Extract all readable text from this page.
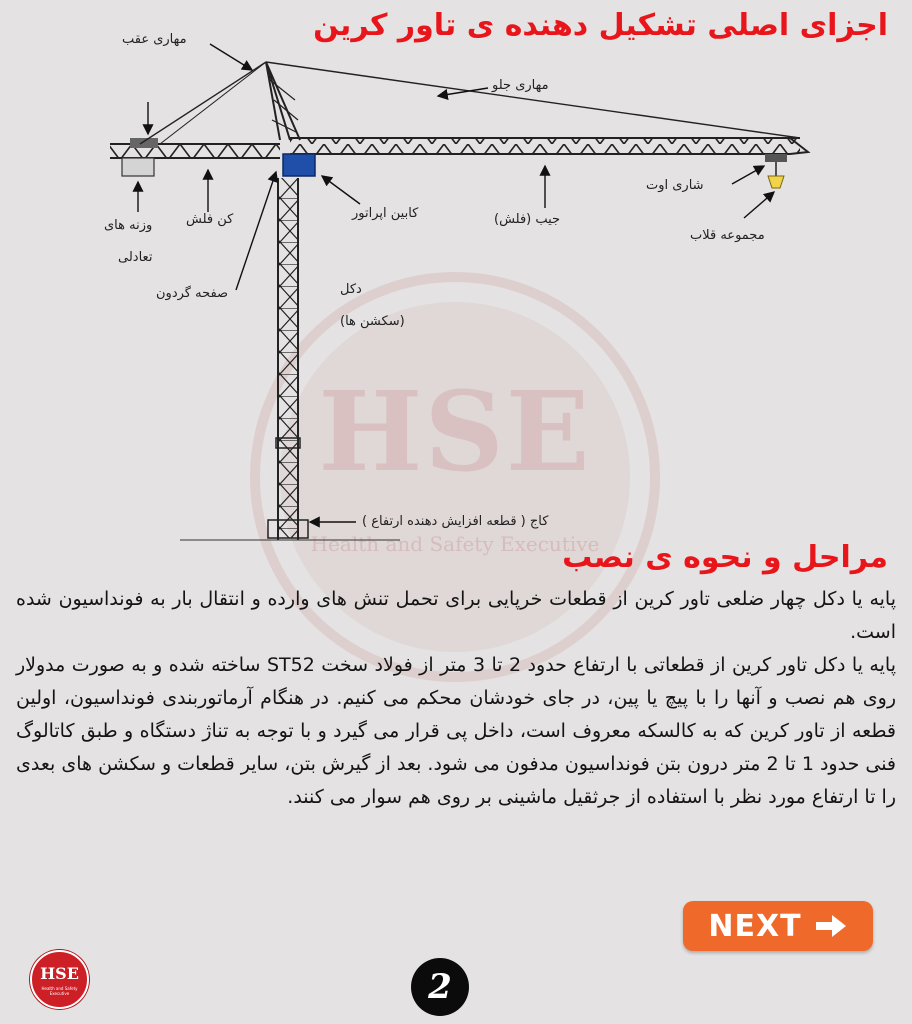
HSE
Health and Safety Executive
اجزای اصلی تشکیل دهنده ی تاور کرین
مهاری عقب
مهاری جلو
کن فلش
وزنه های
تعادلی
کابین اپراتور	جیب (فلش)
شاری اوت
مجموعه قلاب
صفحه گردون	دکل
(سکشن ها)
کاج ( قطعه افزایش دهنده ارتفاع )
مراحل و نحوه ی نصب

پایه یا دکل چهار ضلعی تاور کرین از قطعات خرپایی برای تحمل تنش های وارده و انتقال بار به فونداسیون شده است.

پایه یا دکل تاور کرین از قطعاتی با ارتفاع حدود 2 تا 3 متر از فولاد سخت ST52 ساخته شده و به صورت مدولار روی هم نصب و آنها را با پیچ یا پین، در جای خودشان محکم می کنیم. در هنگام آرماتوربندی فونداسیون، اولین قطعه از تاور کرین که به کالسکه معروف است، داخل پی قرار می گیرد و با توجه به تناژ دستگاه و طبق کاتالوگ فنی حدود 1 تا 2 متر درون بتن فونداسیون مدفون می شود. بعد از گیرش بتن، سایر قطعات و سکشن های بعدی را تا ارتفاع مورد نظر با استفاده از جرثقیل ماشینی بر روی هم سوار می کنند.

NEXT
HSE
Health and Safety Executive	2
